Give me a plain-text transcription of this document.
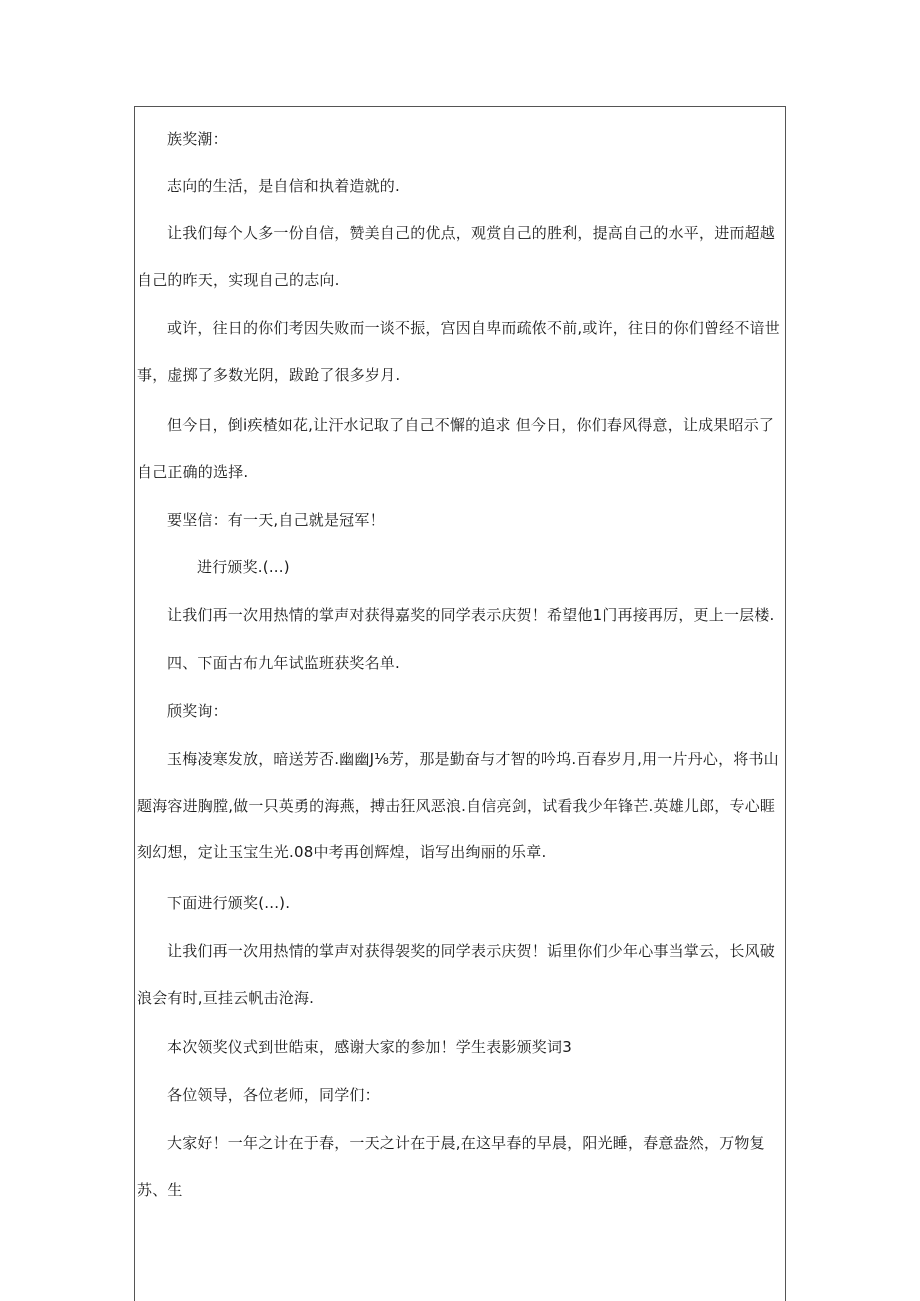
族奖潮：

志向的生活，是自信和执着造就的.

让我们每个人多一份自信，赞美自己的优点，观赏自己的胜利，提高自己的水平，进而超越自己的昨天，实现自己的志向.

或许，往日的你们考因失败而一谈不振，宫因自卑而疏侬不前,或许，往日的你们曾经不谙世事，虚掷了多数光阴，跋跄了很多岁月.

但今日，倒i疾楂如花,让汗水记取了自己不懈的追求 但今日，你们春风得意，让成果昭示了自己正确的选择.

要坚信：有一天,自己就是冠军！

进行颁奖.(...)

让我们再一次用热情的掌声对获得嘉奖的同学表示庆贺！希望他1门再接再厉，更上一层楼.

四、下面古布九年试监班获奖名单.

颀奖询：

玉梅凌寒发放，暗送芳否.幽幽J⅛芳，那是勤奋与才智的吟坞.百春岁月,用一片丹心，将书山题海容进胸膛,做一只英勇的海燕，搏击狂风恶浪.自信亮剑，试看我少年锋芒.英雄儿郎，专心睚刻幻想，定让玉宝生光.08中考再创辉煌，诣写出绚丽的乐章.

下面进行颁奖(...).

让我们再一次用热情的掌声对获得袈奖的同学表示庆贺！诟里你们少年心事当掌云，长风破浪会有时,亘挂云帆击沧海.

本次领奖仪式到世皓束，感谢大家的参加！学生表影颁奖词3

各位领导，各位老师，同学们：

大家好！一年之计在于春，一天之计在于晨,在这早春的早晨，阳光睡，春意盎然，万物复苏、生
